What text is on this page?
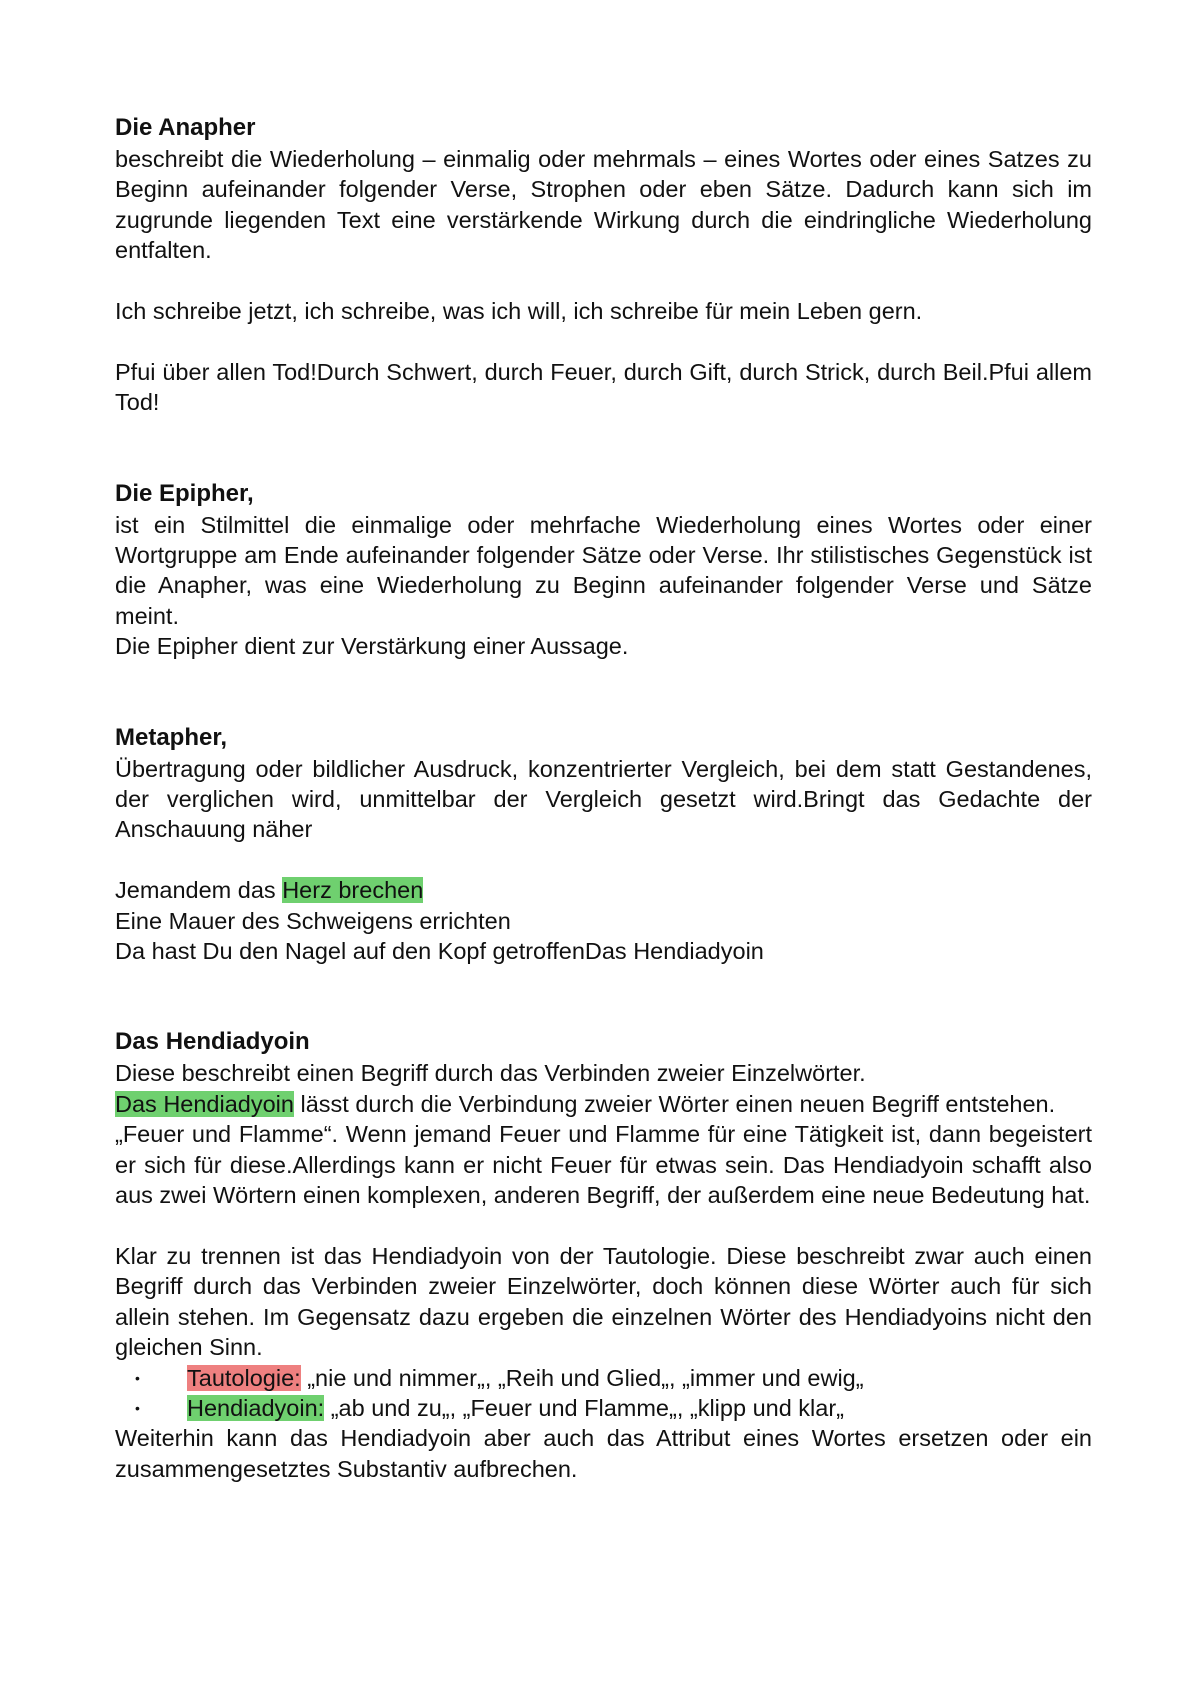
Die Anapher

beschreibt die Wiederholung – einmalig oder mehrmals – eines Wortes oder eines Satzes zu Beginn aufeinander folgender Verse, Strophen oder eben Sätze. Dadurch kann sich im zugrunde liegenden Text eine verstärkende Wirkung durch die eindringliche Wiederholung entfalten.

Ich schreibe jetzt, ich schreibe, was ich will, ich schreibe für mein Leben gern.

Pfui über allen Tod!Durch Schwert, durch Feuer, durch Gift, durch Strick, durch Beil.Pfui allem Tod!

Die Epipher,

ist ein Stilmittel die einmalige oder mehrfache Wiederholung eines Wortes oder einer Wortgruppe am Ende aufeinander folgender Sätze oder Verse. Ihr stilistisches Gegenstück ist die Anapher, was eine Wiederholung zu Beginn aufeinander folgender Verse und Sätze meint.

Die Epipher dient zur Verstärkung einer Aussage.

Metapher,

Übertragung oder bildlicher Ausdruck, konzentrierter Vergleich, bei dem statt Gestandenes, der verglichen wird, unmittelbar der Vergleich gesetzt wird.Bringt das Gedachte der Anschauung näher

Jemandem das Herz brechen

Eine Mauer des Schweigens errichten

Da hast Du den Nagel auf den Kopf getroffenDas Hendiadyoin

Das Hendiadyoin

Diese beschreibt einen Begriff durch das Verbinden zweier Einzelwörter.

Das Hendiadyoin lässt durch die Verbindung zweier Wörter einen neuen Begriff entstehen.

„Feuer und Flamme“. Wenn jemand Feuer und Flamme für eine Tätigkeit ist, dann begeistert er sich für diese.Allerdings kann er nicht Feuer für etwas sein. Das Hendiadyoin schafft also aus zwei Wörtern einen komplexen, anderen Begriff, der außerdem eine neue Bedeutung hat.

Klar zu trennen ist das Hendiadyoin von der Tautologie. Diese beschreibt zwar auch einen Begriff durch das Verbinden zweier Einzelwörter, doch können diese Wörter auch für sich allein stehen. Im Gegensatz dazu ergeben die einzelnen Wörter des Hendiadyoins nicht den gleichen Sinn.

• Tautologie: „nie und nimmer„, „Reih und Glied„, „immer und ewig„
• Hendiadyoin: „ab und zu„, „Feuer und Flamme„, „klipp und klar„

Weiterhin kann das Hendiadyoin aber auch das Attribut eines Wortes ersetzen oder ein zusammengesetztes Substantiv aufbrechen.
